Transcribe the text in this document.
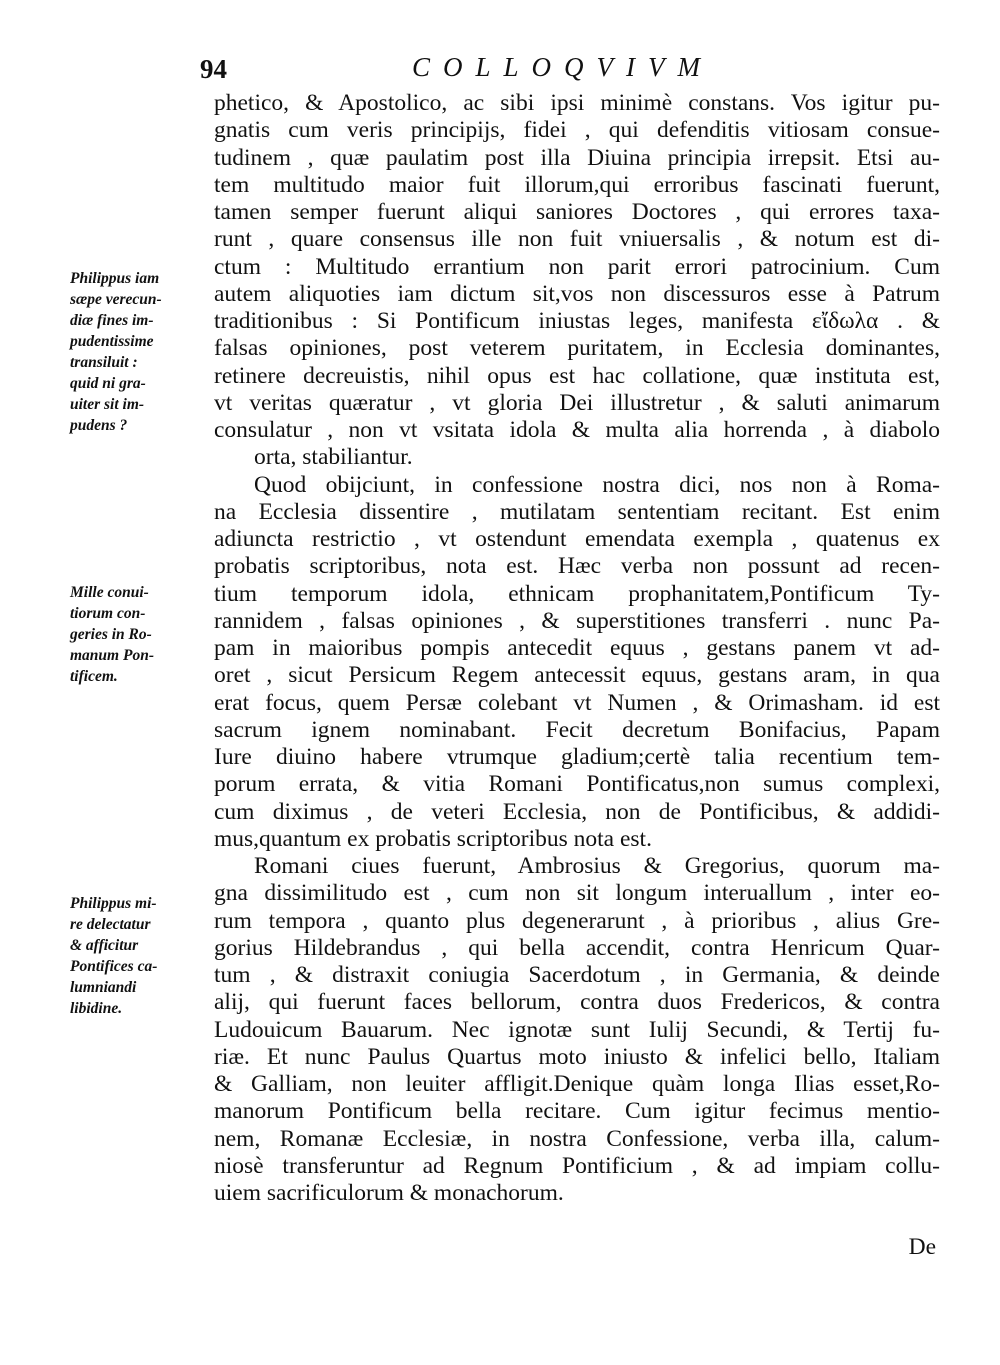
94	COLLOQVIVM
Philippus iam
sæpe verecun-
diæ fines im-
pudentissime
transiluit :
quid ni gra-
uiter sit im-
pudens ?
Mille conui-
tiorum con-
geries in Ro-
manum Pon-
tificem.
Philippus mi-
re delectatur
& afficitur
Pontifices ca-
lumniandi
libidine.
phetico, & Apostolico, ac sibi ipsi minimè constans. Vos igitur pu-
gnatis cum veris principijs, fidei , qui defenditis vitiosam consue-
tudinem , quæ paulatim post illa Diuina principia irrepsit. Etsi au-
tem multitudo maior fuit illorum,qui erroribus fascinati fuerunt,
tamen semper fuerunt aliqui saniores Doctores , qui errores taxa-
runt , quare consensus ille non fuit vniuersalis , & notum est di-
ctum : Multitudo errantium non parit errori patrocinium. Cum
autem aliquoties iam dictum sit,vos non discessuros esse à Patrum
traditionibus : Si Pontificum iniustas leges, manifesta εἴδωλα . &
falsas opiniones, post veterem puritatem, in Ecclesia dominantes,
retinere decreuistis, nihil opus est hac collatione, quæ instituta est,
vt veritas quæratur , vt gloria Dei illustretur , & saluti animarum
consulatur , non vt vsitata idola & multa alia horrenda , à diabolo
orta, stabiliantur.
Quod obijciunt, in confessione nostra dici, nos non à Roma-
na Ecclesia dissentire , mutilatam sententiam recitant. Est enim
adiuncta restrictio , vt ostendunt emendata exempla , quatenus ex
probatis scriptoribus, nota est. Hæc verba non possunt ad recen-
tium temporum idola, ethnicam prophanitatem,Pontificum Ty-
rannidem , falsas opiniones , & superstitiones transferri . nunc Pa-
pam in maioribus pompis antecedit equus , gestans panem vt ad-
oret , sicut Persicum Regem antecessit equus, gestans aram, in qua
erat focus, quem Persæ colebant vt Numen , & Orimasham. id est
sacrum ignem nominabant. Fecit decretum Bonifacius, Papam
Iure diuino habere vtrumque gladium;certè talia recentium tem-
porum errata, & vitia Romani Pontificatus,non sumus complexi,
cum diximus , de veteri Ecclesia, non de Pontificibus, & addidi-
mus,quantum ex probatis scriptoribus nota est.
Romani ciues fuerunt, Ambrosius & Gregorius, quorum ma-
gna dissimilitudo est , cum non sit longum interuallum , inter eo-
rum tempora , quanto plus degenerarunt , à prioribus , alius Gre-
gorius Hildebrandus , qui bella accendit, contra Henricum Quar-
tum , & distraxit coniugia Sacerdotum , in Germania, & deinde
alij, qui fuerunt faces bellorum, contra duos Fredericos, & contra
Ludouicum Bauarum. Nec ignotæ sunt Iulij Secundi, & Tertij fu-
riæ. Et nunc Paulus Quartus moto iniusto & infelici bello, Italiam
& Galliam, non leuiter affligit.Denique quàm longa Ilias esset,Ro-
manorum Pontificum bella recitare. Cum igitur fecimus mentio-
nem, Romanæ Ecclesiæ, in nostra Confessione, verba illa, calum-
niosè transferuntur ad Regnum Pontificium , & ad impiam collu-
uiem sacrificulorum & monachorum.
De
